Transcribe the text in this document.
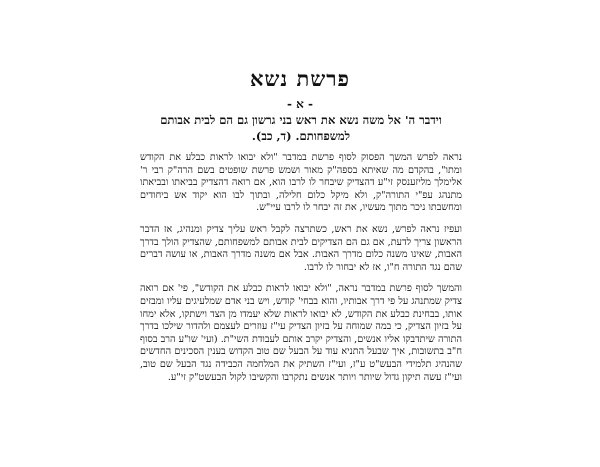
פרשת נשא
- א -
וידבר ה' אל משה נשא את ראש בני גרשון גם הם לבית אבותם למשפחותם. (ד, כב).

נראה לפרש המשך הפסוק לסוף פרשת במדבר "ולא יבואו לראות כבלע את הקודש ומתו", בהקדם מה שאיתא בספה"ק מאור ושמש פרשת שופטים בשם הרה"ק רבי ר' אלימלך מליזענסק זי"ע דהצדיק שיבחר לו לרבו הוא, אם רואה דהצדיק בביאתו ובביאתו מתנהג עפ"י התורה"ק, ולא מיקל כלום חלילה, ובתוך לבו הוא יקוד אש ביחודים ומחשבתו ניכר מתוך מעשיו, את זה יבחר לו לרבו עיי"ש.

ועפיז נראה לפרש, נשא את ראש, כשתרצה לקבל ראש עליך צדיק ומנהיג, אז הדבר הראשון צריך לדעת, אם גם הם הצדיקים לבית אבותם למשפחותם, שהצדיק הולך בדרך האבות, שאינו משנה כלום מדרך האבות. אבל אם משנה מדרך האבות, או עושה דברים שהם נגד התורה ח"ו, אז לא יבחור לו לרבו.

והמשך לסוף פרשת במדבר נראה, "ולא יבואו לראות כבלע את הקודש", פי' אם רואה צדיק שמתנהג על פי דרך אבותיו, והוא בבחי' קודש, ויש בני אדם שמלעיגים עליו ומבזים אותו, בבחינת כבלע את הקודש, לא יבואו לראות שלא יעמדו מן הצד וישתקו, אלא ימחו על בזיון הצדיק, כי במה שמוחה על בזיון הצדיק עי"ז עוזרים לעצמם ולהדור שילכו בדרך התורה שיתדבקו אליו אנשים, והצדיק יקרב אותם לעבודת השי"ת. (ועי' שו"ע הרב בסוף ח"ב בתשובות, איך שבעל התניא עוד על הבעל שם טוב הקדוש בענין הסכינים החדשים שהנהיג תלמידי הבעש"ט ע"ז, ועי"ז השתיק את המלחמה הכבידה נגד הבעל שם טוב, ועי"ז עשה תיקון גדול שיותר ויותר אנשים נתקרבו והקשיבו לקול הבעשט"ק זי"ע.
